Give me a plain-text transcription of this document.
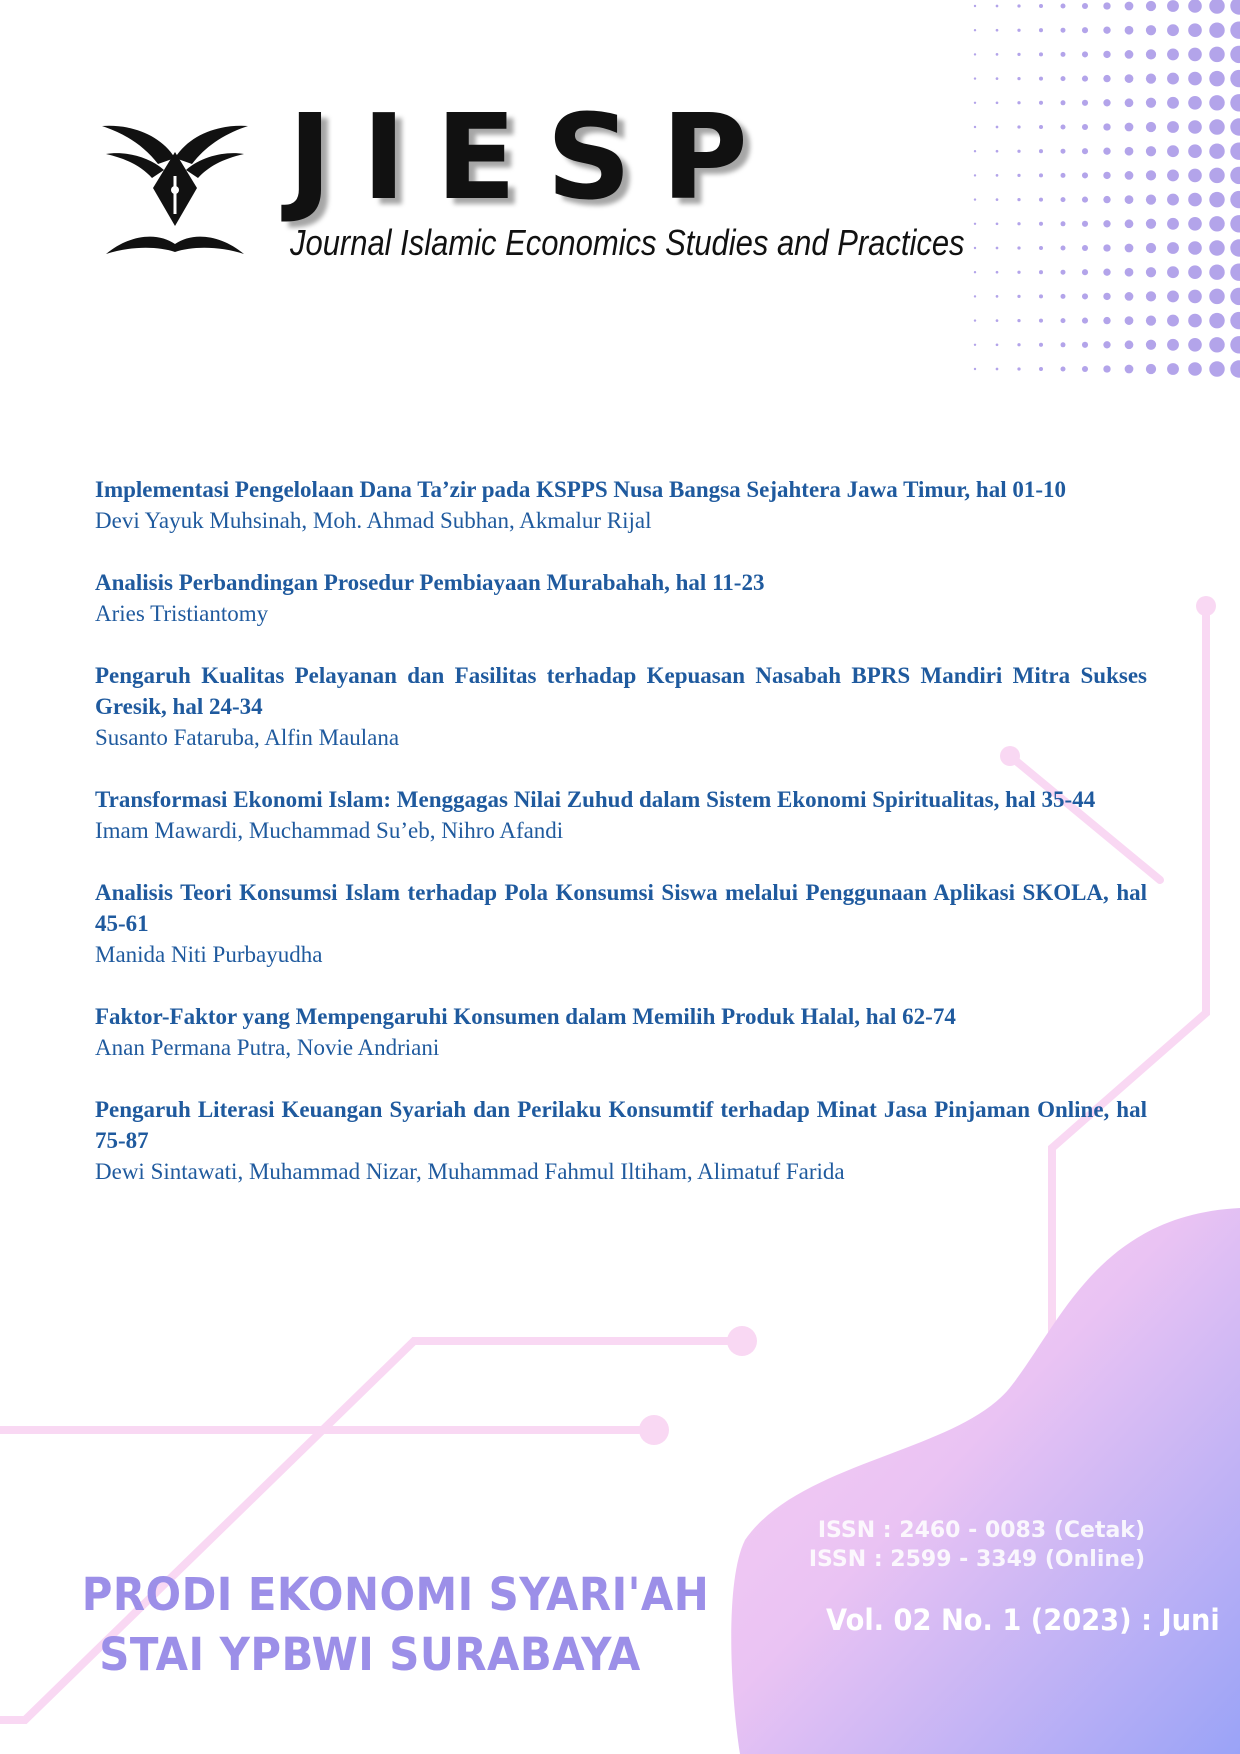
JIESP

Journal Islamic Economics Studies and Practices

Implementasi Pengelolaan Dana Ta’zir pada KSPPS Nusa Bangsa Sejahtera Jawa Timur, hal 01-10
Devi Yayuk Muhsinah, Moh. Ahmad Subhan, Akmalur Rijal
Analisis Perbandingan Prosedur Pembiayaan Murabahah, hal 11-23
Aries Tristiantomy
Pengaruh Kualitas Pelayanan dan Fasilitas terhadap Kepuasan Nasabah BPRS Mandiri Mitra Sukses Gresik, hal 24-34
Susanto Fataruba, Alfin Maulana
Transformasi Ekonomi Islam: Menggagas Nilai Zuhud dalam Sistem Ekonomi Spiritualitas, hal 35-44
Imam Mawardi, Muchammad Su’eb, Nihro Afandi
Analisis Teori Konsumsi Islam terhadap Pola Konsumsi Siswa melalui Penggunaan Aplikasi SKOLA, hal 45-61
Manida Niti Purbayudha
Faktor-Faktor yang Mempengaruhi Konsumen dalam Memilih Produk Halal, hal 62-74
Anan Permana Putra, Novie Andriani
Pengaruh Literasi Keuangan Syariah dan Perilaku Konsumtif terhadap Minat Jasa Pinjaman Online, hal 75-87
Dewi Sintawati, Muhammad Nizar, Muhammad Fahmul Iltiham, Alimatuf Farida

ISSN : 2460 - 0083 (Cetak)

ISSN : 2599 - 3349 (Online)

Vol. 02 No. 1 (2023) : Juni

PRODI EKONOMI SYARI'AH

STAI YPBWI SURABAYA
